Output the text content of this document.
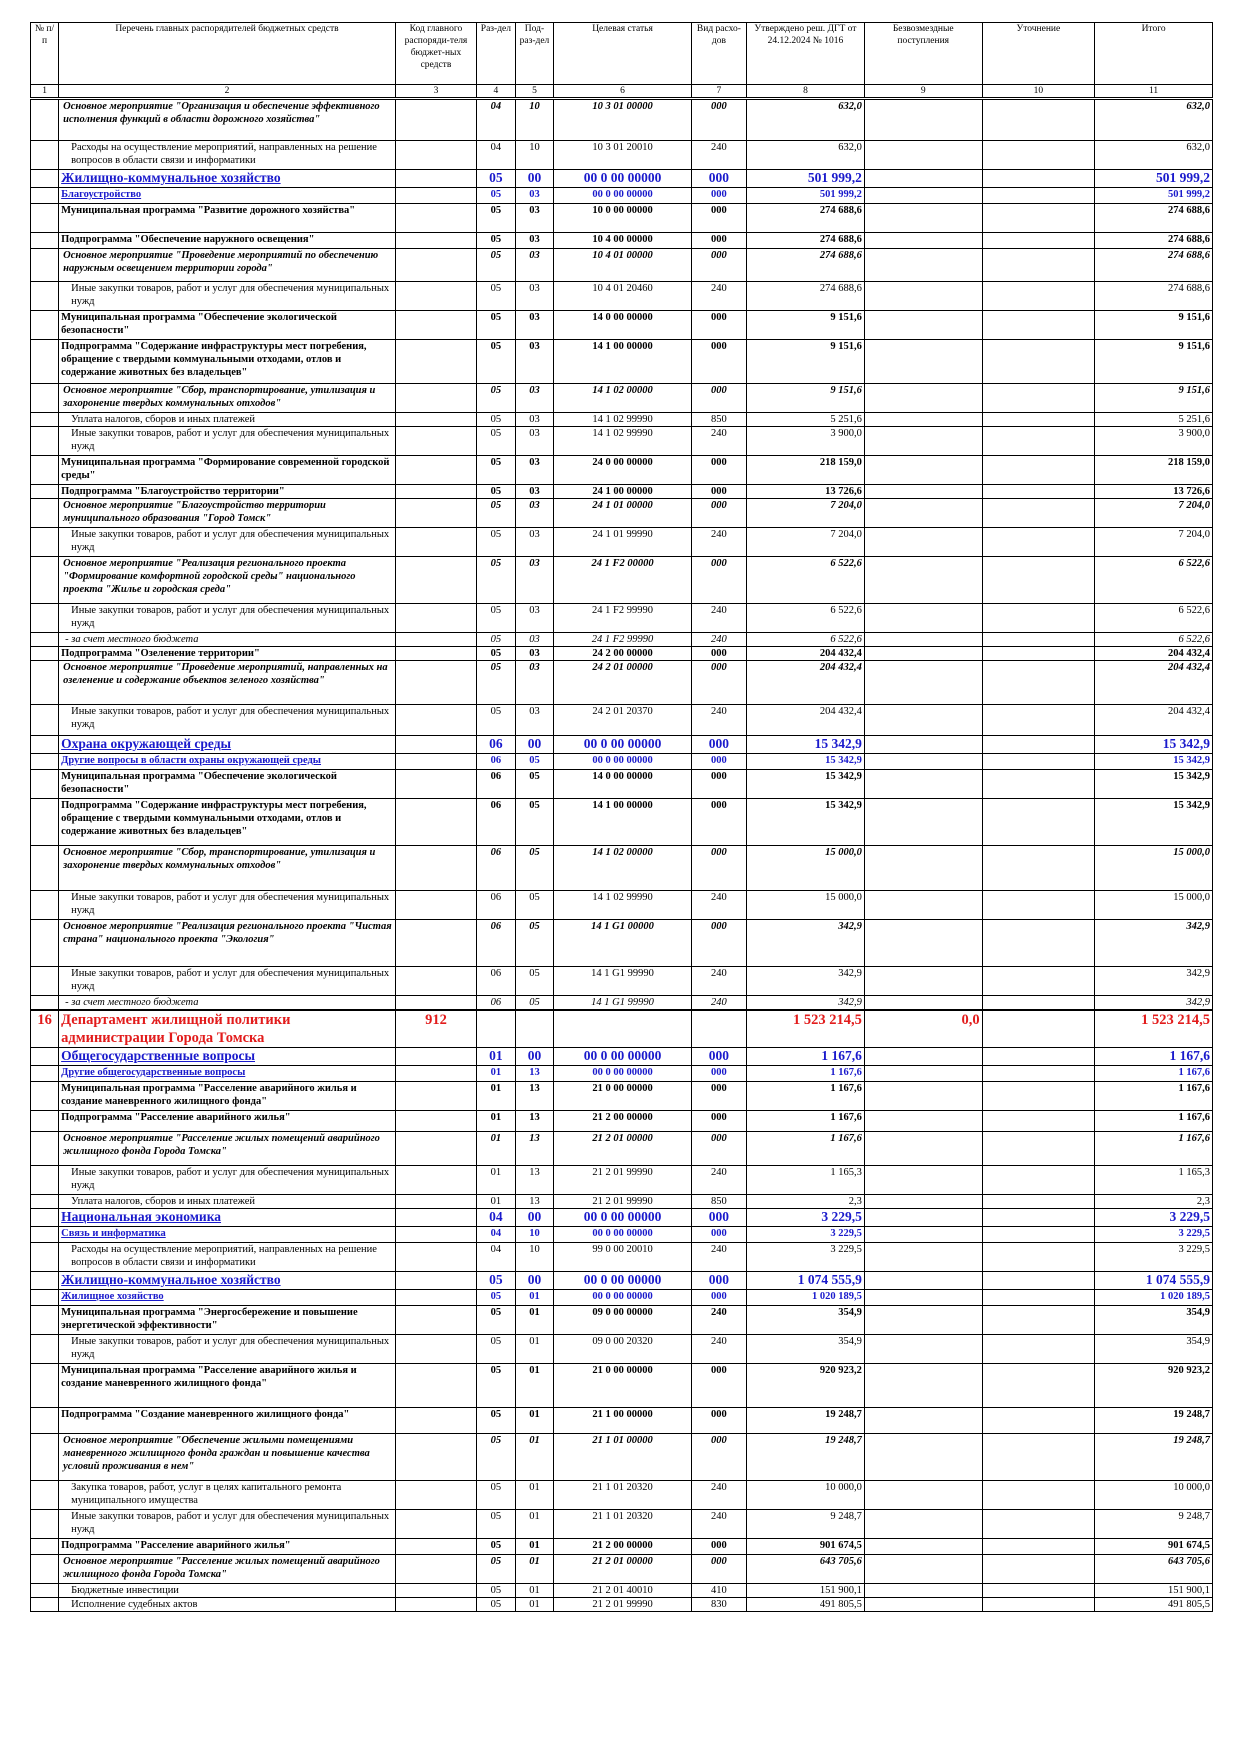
№ п/п	Перечень главных распорядителей бюджетных средств	Код главного распоряди-теля бюджет-ных средств	Раз-дел	Под-раз-дел	Целевая статья	Вид расхо-дов	Утверждено реш. ДГТ от 24.12.2024 № 1016	Безвозмездные поступления	Уточнение	Итого
1	2	3	4	5	6	7	8	9	10	11
	Основное мероприятие "Организация и обеспечение эффективного исполнения функций в области дорожного хозяйства"		04	10	10 3 01 00000	000	632,0			632,0
	Расходы на осуществление мероприятий, направленных на решение вопросов в области связи и информатики		04	10	10 3 01 20010	240	632,0			632,0
	Жилищно-коммунальное хозяйство		05	00	00 0 00 00000	000	501 999,2			501 999,2
	Благоустройство		05	03	00 0 00 00000	000	501 999,2			501 999,2
	Муниципальная программа "Развитие дорожного хозяйства"		05	03	10 0 00 00000	000	274 688,6			274 688,6
	Подпрограмма "Обеспечение наружного освещения"		05	03	10 4 00 00000	000	274 688,6			274 688,6
	Основное мероприятие "Проведение мероприятий по обеспечению наружным освещением территории города"		05	03	10 4 01 00000	000	274 688,6			274 688,6
	Иные закупки товаров, работ и услуг для обеспечения муниципальных нужд		05	03	10 4 01 20460	240	274 688,6			274 688,6
	Муниципальная программа "Обеспечение экологической безопасности"		05	03	14 0 00 00000	000	9 151,6			9 151,6
	Подпрограмма "Содержание инфраструктуры мест погребения, обращение с твердыми коммунальными отходами, отлов и содержание животных без владельцев"		05	03	14 1 00 00000	000	9 151,6			9 151,6
	Основное мероприятие "Сбор, транспортирование, утилизация и захоронение твердых коммунальных отходов"		05	03	14 1 02 00000	000	9 151,6			9 151,6
	Уплата налогов, сборов и иных платежей		05	03	14 1 02 99990	850	5 251,6			5 251,6
	Иные закупки товаров, работ и услуг для обеспечения муниципальных нужд		05	03	14 1 02 99990	240	3 900,0			3 900,0
	Муниципальная программа "Формирование современной городской среды"		05	03	24 0 00 00000	000	218 159,0			218 159,0
	Подпрограмма "Благоустройство территории"		05	03	24 1 00 00000	000	13 726,6			13 726,6
	Основное мероприятие "Благоустройство территории муниципального образования "Город Томск"		05	03	24 1 01 00000	000	7 204,0			7 204,0
	Иные закупки товаров, работ и услуг для обеспечения муниципальных нужд		05	03	24 1 01 99990	240	7 204,0			7 204,0
	Основное мероприятие "Реализация регионального проекта "Формирование комфортной городской среды" национального проекта "Жилье и городская среда"		05	03	24 1 F2 00000	000	6 522,6			6 522,6
	Иные закупки товаров, работ и услуг для обеспечения муниципальных нужд		05	03	24 1 F2 99990	240	6 522,6			6 522,6
	- за счет местного бюджета		05	03	24 1 F2 99990	240	6 522,6			6 522,6
	Подпрограмма "Озеленение территории"		05	03	24 2 00 00000	000	204 432,4			204 432,4
	Основное мероприятие "Проведение мероприятий, направленных на озеленение и содержание объектов зеленого хозяйства"		05	03	24 2 01 00000	000	204 432,4			204 432,4
	Иные закупки товаров, работ и услуг для обеспечения муниципальных нужд		05	03	24 2 01 20370	240	204 432,4			204 432,4
	Охрана окружающей среды		06	00	00 0 00 00000	000	15 342,9			15 342,9
	Другие вопросы в области охраны окружающей среды		06	05	00 0 00 00000	000	15 342,9			15 342,9
	Муниципальная программа "Обеспечение экологической безопасности"		06	05	14 0 00 00000	000	15 342,9			15 342,9
	Подпрограмма "Содержание инфраструктуры мест погребения, обращение с твердыми коммунальными отходами, отлов и содержание животных без владельцев"		06	05	14 1 00 00000	000	15 342,9			15 342,9
	Основное мероприятие "Сбор, транспортирование, утилизация и захоронение твердых коммунальных отходов"		06	05	14 1 02 00000	000	15 000,0			15 000,0
	Иные закупки товаров, работ и услуг для обеспечения муниципальных нужд		06	05	14 1 02 99990	240	15 000,0			15 000,0
	Основное мероприятие "Реализация регионального проекта "Чистая страна" национального проекта "Экология"		06	05	14 1 G1 00000	000	342,9			342,9
	Иные закупки товаров, работ и услуг для обеспечения муниципальных нужд		06	05	14 1 G1 99990	240	342,9			342,9
	- за счет местного бюджета		06	05	14 1 G1 99990	240	342,9			342,9
16	Департамент жилищной политики администрации Города Томска	912					1 523 214,5	0,0		1 523 214,5
	Общегосударственные вопросы		01	00	00 0 00 00000	000	1 167,6			1 167,6
	Другие общегосударственные вопросы		01	13	00 0 00 00000	000	1 167,6			1 167,6
	Муниципальная программа "Расселение аварийного жилья и создание маневренного жилищного фонда"		01	13	21 0 00 00000	000	1 167,6			1 167,6
	Подпрограмма "Расселение аварийного жилья"		01	13	21 2 00 00000	000	1 167,6			1 167,6
	Основное мероприятие "Расселение жилых помещений аварийного жилищного фонда Города Томска"		01	13	21 2 01 00000	000	1 167,6			1 167,6
	Иные закупки товаров, работ и услуг для обеспечения муниципальных нужд		01	13	21 2 01 99990	240	1 165,3			1 165,3
	Уплата налогов, сборов и иных платежей		01	13	21 2 01 99990	850	2,3			2,3
	Национальная экономика		04	00	00 0 00 00000	000	3 229,5			3 229,5
	Связь и информатика		04	10	00 0 00 00000	000	3 229,5			3 229,5
	Расходы на осуществление мероприятий, направленных на решение вопросов в области связи и информатики		04	10	99 0 00 20010	240	3 229,5			3 229,5
	Жилищно-коммунальное хозяйство		05	00	00 0 00 00000	000	1 074 555,9			1 074 555,9
	Жилищное хозяйство		05	01	00 0 00 00000	000	1 020 189,5			1 020 189,5
	Муниципальная программа "Энергосбережение и повышение энергетической эффективности"		05	01	09 0 00 00000	240	354,9			354,9
	Иные закупки товаров, работ и услуг для обеспечения муниципальных нужд		05	01	09 0 00 20320	240	354,9			354,9
	Муниципальная программа "Расселение аварийного жилья и создание маневренного жилищного фонда"		05	01	21 0 00 00000	000	920 923,2			920 923,2
	Подпрограмма "Создание маневренного жилищного фонда"		05	01	21 1 00 00000	000	19 248,7			19 248,7
	Основное мероприятие "Обеспечение жилыми помещениями маневренного жилищного фонда граждан и повышение качества условий проживания в нем"		05	01	21 1 01 00000	000	19 248,7			19 248,7
	Закупка товаров, работ, услуг в целях капитального ремонта муниципального имущества		05	01	21 1 01 20320	240	10 000,0			10 000,0
	Иные закупки товаров, работ и услуг для обеспечения муниципальных нужд		05	01	21 1 01 20320	240	9 248,7			9 248,7
	Подпрограмма "Расселение аварийного жилья"		05	01	21 2 00 00000	000	901 674,5			901 674,5
	Основное мероприятие "Расселение жилых помещений аварийного жилищного фонда Города Томска"		05	01	21 2 01 00000	000	643 705,6			643 705,6
	Бюджетные инвестиции		05	01	21 2 01 40010	410	151 900,1			151 900,1
	Исполнение судебных актов		05	01	21 2 01 99990	830	491 805,5			491 805,5
